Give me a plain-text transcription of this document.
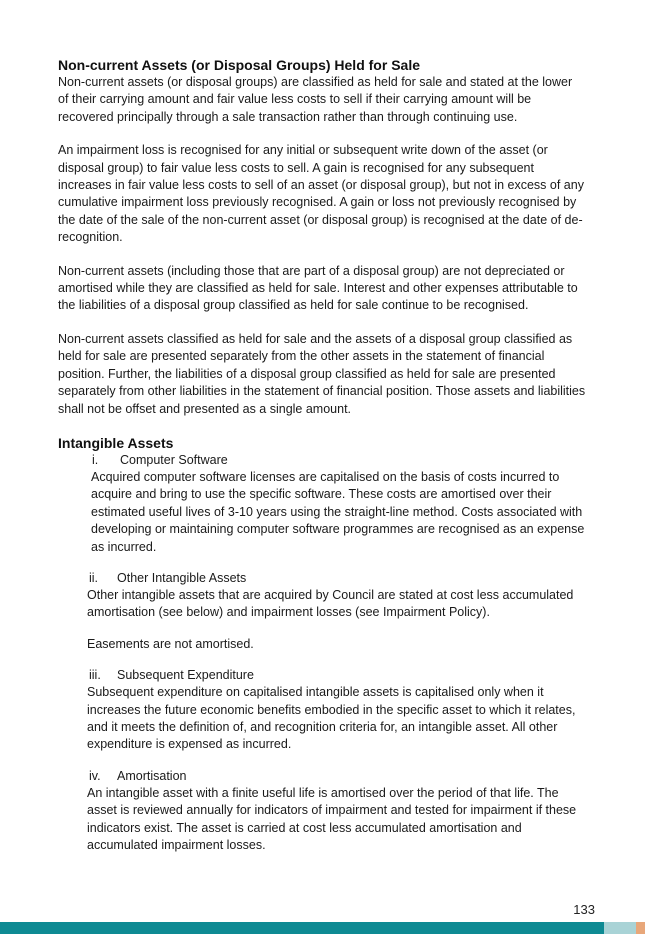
Non-current Assets (or Disposal Groups) Held for Sale

Non-current assets (or disposal groups) are classified as held for sale and stated at the lower of their carrying amount and fair value less costs to sell if their carrying amount will be recovered principally through a sale transaction rather than through continuing use.

An impairment loss is recognised for any initial or subsequent write down of the asset (or disposal group) to fair value less costs to sell. A gain is recognised for any subsequent increases in fair value less costs to sell of an asset (or disposal group), but not in excess of any cumulative impairment loss previously recognised. A gain or loss not previously recognised by the date of the sale of the non-current asset (or disposal group) is recognised at the date of de-recognition.

Non-current assets (including those that are part of a disposal group) are not depreciated or amortised while they are classified as held for sale. Interest and other expenses attributable to the liabilities of a disposal group classified as held for sale continue to be recognised.

Non-current assets classified as held for sale and the assets of a disposal group classified as held for sale are presented separately from the other assets in the statement of financial position. Further, the liabilities of a disposal group classified as held for sale are presented separately from other liabilities in the statement of financial position. Those assets and liabilities shall not be offset and presented as a single amount.

Intangible Assets
i. Computer Software

Acquired computer software licenses are capitalised on the basis of costs incurred to acquire and bring to use the specific software. These costs are amortised over their estimated useful lives of 3-10 years using the straight-line method. Costs associated with developing or maintaining computer software programmes are recognised as an expense as incurred.

ii. Other Intangible Assets

Other intangible assets that are acquired by Council are stated at cost less accumulated amortisation (see below) and impairment losses (see Impairment Policy).

Easements are not amortised.

iii. Subsequent Expenditure

Subsequent expenditure on capitalised intangible assets is capitalised only when it increases the future economic benefits embodied in the specific asset to which it relates, and it meets the definition of, and recognition criteria for, an intangible asset. All other expenditure is expensed as incurred.

iv. Amortisation

An intangible asset with a finite useful life is amortised over the period of that life. The asset is reviewed annually for indicators of impairment and tested for impairment if these indicators exist. The asset is carried at cost less accumulated amortisation and accumulated impairment losses.

133
